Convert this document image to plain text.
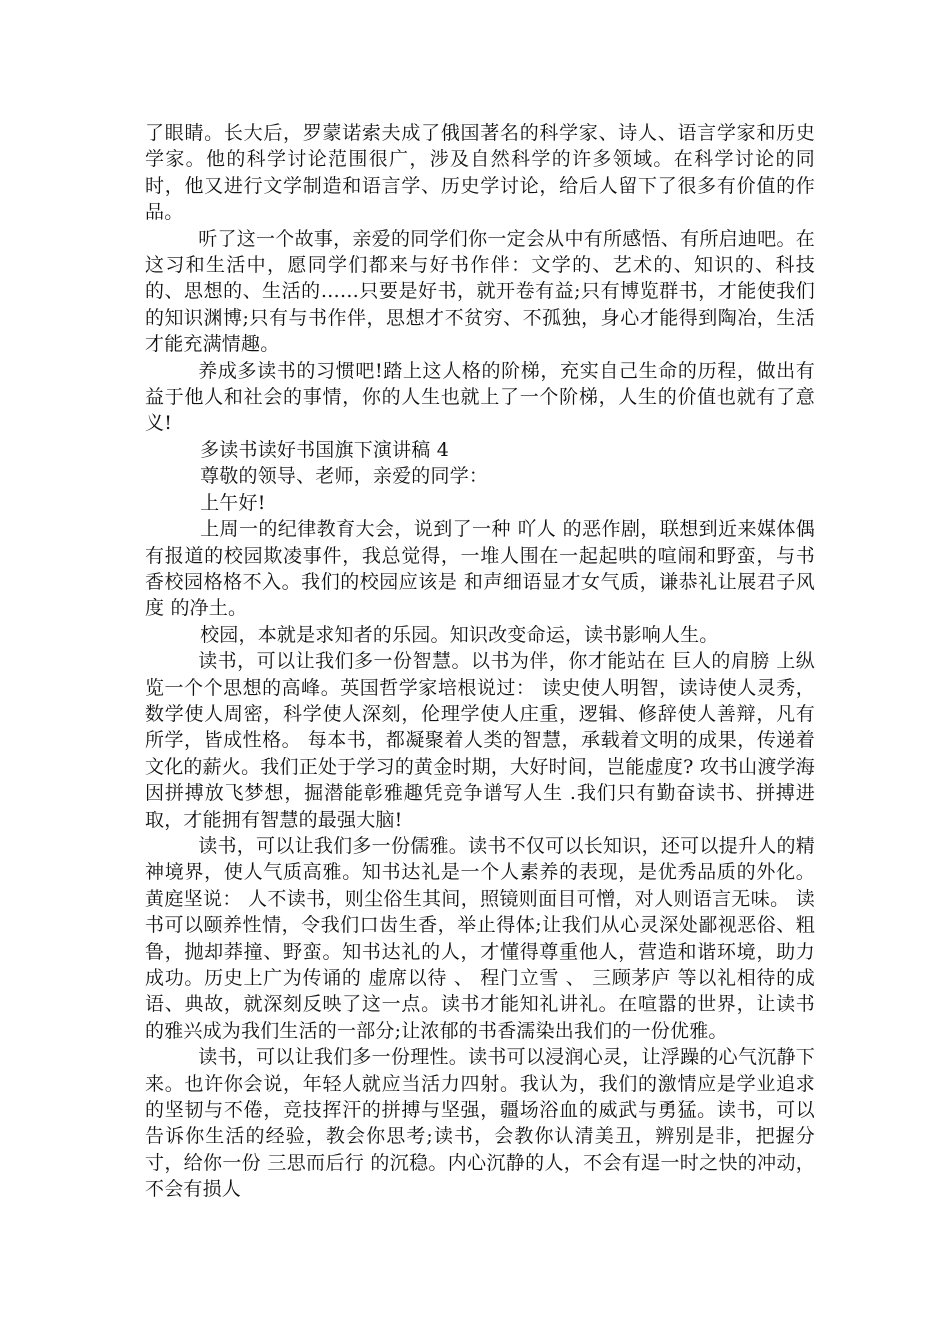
了眼睛。长大后，罗蒙诺索夫成了俄国著名的科学家、诗人、语言学家和历史学家。他的科学讨论范围很广，涉及自然科学的许多领域。在科学讨论的同时，他又进行文学制造和语言学、历史学讨论，给后人留下了很多有价值的作品。

听了这一个故事，亲爱的同学们你一定会从中有所感悟、有所启迪吧。在这习和生活中，愿同学们都来与好书作伴：文学的、艺术的、知识的、科技的、思想的、生活的……只要是好书，就开卷有益;只有博览群书，才能使我们的知识渊博;只有与书作伴，思想才不贫穷、不孤独，身心才能得到陶冶，生活才能充满情趣。

养成多读书的习惯吧!踏上这人格的阶梯，充实自己生命的历程，做出有益于他人和社会的事情，你的人生也就上了一个阶梯，人生的价值也就有了意义!

多读书读好书国旗下演讲稿 4

尊敬的领导、老师，亲爱的同学：

上午好!

上周一的纪律教育大会，说到了一种 吖人 的恶作剧，联想到近来媒体偶有报道的校园欺凌事件，我总觉得，一堆人围在一起起哄的喧闹和野蛮，与书香校园格格不入。我们的校园应该是 和声细语显才女气质，谦恭礼让展君子风度 的净土。

校园，本就是求知者的乐园。知识改变命运，读书影响人生。

读书，可以让我们多一份智慧。以书为伴，你才能站在 巨人的肩膀 上纵览一个个思想的高峰。英国哲学家培根说过： 读史使人明智，读诗使人灵秀，数学使人周密，科学使人深刻，伦理学使人庄重，逻辑、修辞使人善辩，凡有所学，皆成性格。 每本书，都凝聚着人类的智慧，承载着文明的成果，传递着文化的薪火。我们正处于学习的黄金时期，大好时间，岂能虚度? 攻书山渡学海因拼搏放飞梦想，掘潜能彰雅趣凭竞争谱写人生 .我们只有勤奋读书、拼搏进取，才能拥有智慧的最强大脑!

读书，可以让我们多一份儒雅。读书不仅可以长知识，还可以提升人的精神境界，使人气质高雅。知书达礼是一个人素养的表现，是优秀品质的外化。黄庭坚说： 人不读书，则尘俗生其间，照镜则面目可憎，对人则语言无味。 读书可以颐养性情，令我们口齿生香，举止得体;让我们从心灵深处鄙视恶俗、粗鲁，抛却莽撞、野蛮。知书达礼的人，才懂得尊重他人，营造和谐环境，助力成功。历史上广为传诵的 虚席以待 、 程门立雪 、 三顾茅庐 等以礼相待的成语、典故，就深刻反映了这一点。读书才能知礼讲礼。在喧嚣的世界，让读书的雅兴成为我们生活的一部分;让浓郁的书香濡染出我们的一份优雅。

读书，可以让我们多一份理性。读书可以浸润心灵，让浮躁的心气沉静下来。也许你会说，年轻人就应当活力四射。我认为，我们的激情应是学业追求的坚韧与不倦，竞技挥汗的拼搏与坚强，疆场浴血的威武与勇猛。读书，可以告诉你生活的经验，教会你思考;读书，会教你认清美丑，辨别是非，把握分寸，给你一份 三思而后行 的沉稳。内心沉静的人，不会有逞一时之快的冲动，不会有损人
